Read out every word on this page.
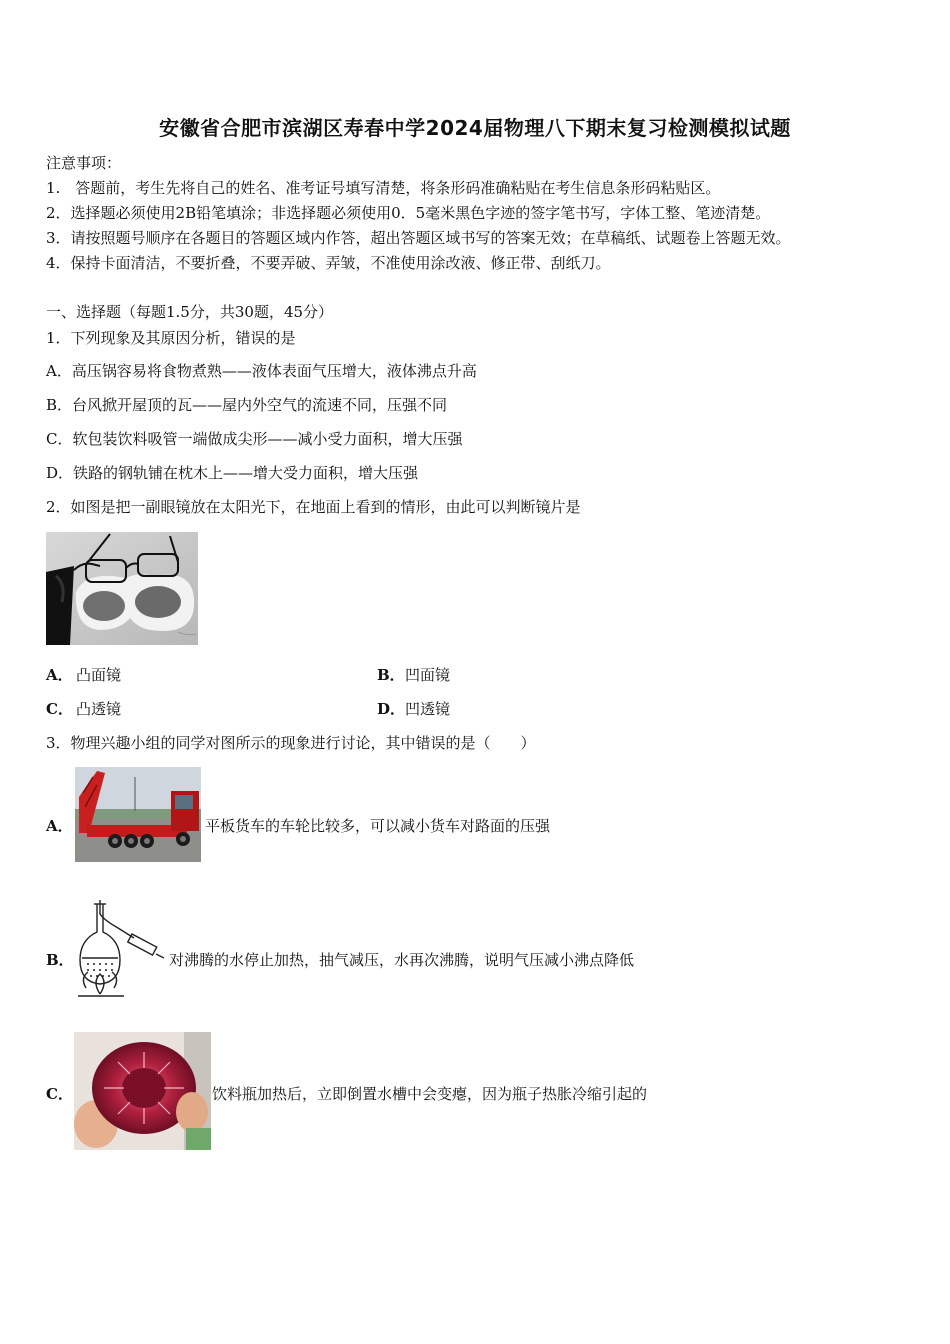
安徽省合肥市滨湖区寿春中学2024届物理八下期末复习检测模拟试题
注意事项：
1.　答题前，考生先将自己的姓名、准考证号填写清楚，将条形码准确粘贴在考生信息条形码粘贴区。
2．选择题必须使用2B铅笔填涂；非选择题必须使用0．5毫米黑色字迹的签字笔书写，字体工整、笔迹清楚。
3．请按照题号顺序在各题目的答题区域内作答，超出答题区域书写的答案无效；在草稿纸、试题卷上答题无效。
4．保持卡面清洁，不要折叠，不要弄破、弄皱，不准使用涂改液、修正带、刮纸刀。
一、选择题（每题1.5分，共30题，45分）
1．下列现象及其原因分析，错误的是
A．高压锅容易将食物煮熟——液体表面气压增大，液体沸点升高
B．台风掀开屋顶的瓦——屋内外空气的流速不同，压强不同
C．软包装饮料吸管一端做成尖形——减小受力面积，增大压强
D．铁路的钢轨铺在枕木上——增大受力面积，增大压强
2．如图是把一副眼镜放在太阳光下，在地面上看到的情形，由此可以判断镜片是
A． 凸面镜	B． 凹面镜
C． 凸透镜	D． 凹透镜
3．物理兴趣小组的同学对图所示的现象进行讨论，其中错误的是（　　）
A．	平板货车的车轮比较多，可以减小货车对路面的压强
B．	对沸腾的水停止加热，抽气减压，水再次沸腾，说明气压减小沸点降低
C．	饮料瓶加热后，立即倒置水槽中会变瘪，因为瓶子热胀冷缩引起的
